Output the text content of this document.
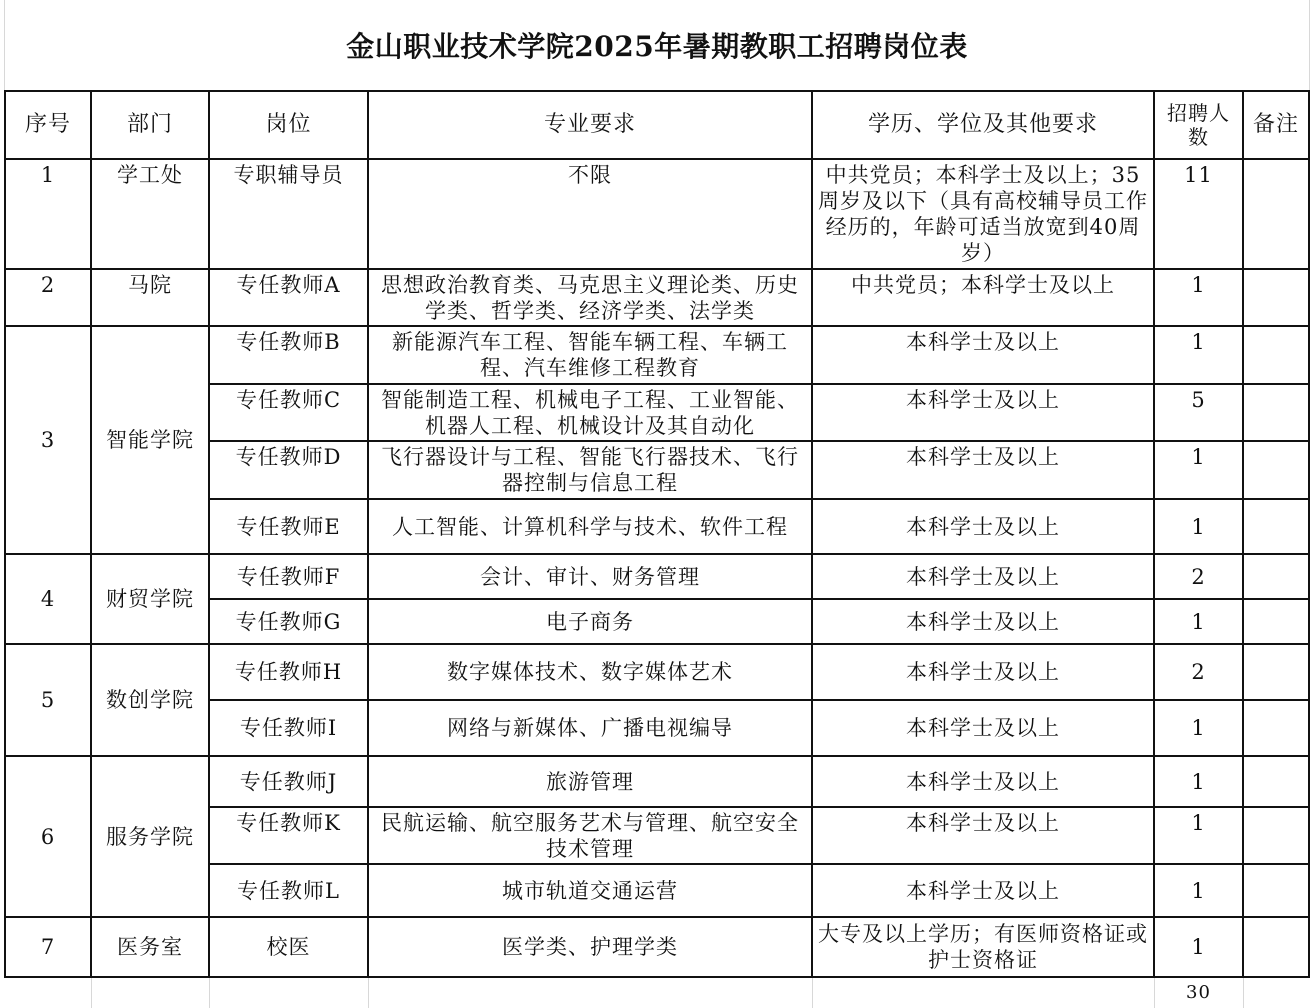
金山职业技术学院2025年暑期教职工招聘岗位表
序号	部门	岗位	专业要求	学历、学位及其他要求	招聘人数	备注
1	学工处	专职辅导员	不限	中共党员；本科学士及以上；35周岁及以下（具有高校辅导员工作经历的，年龄可适当放宽到40周岁）	11	
2	马院	专任教师A	思想政治教育类、马克思主义理论类、历史学类、哲学类、经济学类、法学类	中共党员；本科学士及以上	1	
3	智能学院	专任教师B	新能源汽车工程、智能车辆工程、车辆工程、汽车维修工程教育	本科学士及以上	1	
		专任教师C	智能制造工程、机械电子工程、工业智能、机器人工程、机械设计及其自动化	本科学士及以上	5	
		专任教师D	飞行器设计与工程、智能飞行器技术、飞行器控制与信息工程	本科学士及以上	1	
		专任教师E	人工智能、计算机科学与技术、软件工程	本科学士及以上	1	
4	财贸学院	专任教师F	会计、审计、财务管理	本科学士及以上	2	
		专任教师G	电子商务	本科学士及以上	1	
5	数创学院	专任教师H	数字媒体技术、数字媒体艺术	本科学士及以上	2	
		专任教师I	网络与新媒体、广播电视编导	本科学士及以上	1	
6	服务学院	专任教师J	旅游管理	本科学士及以上	1	
		专任教师K	民航运输、航空服务艺术与管理、航空安全技术管理	本科学士及以上	1	
		专任教师L	城市轨道交通运营	本科学士及以上	1	
7	医务室	校医	医学类、护理学类	大专及以上学历；有医师资格证或护士资格证	1	
					30	
